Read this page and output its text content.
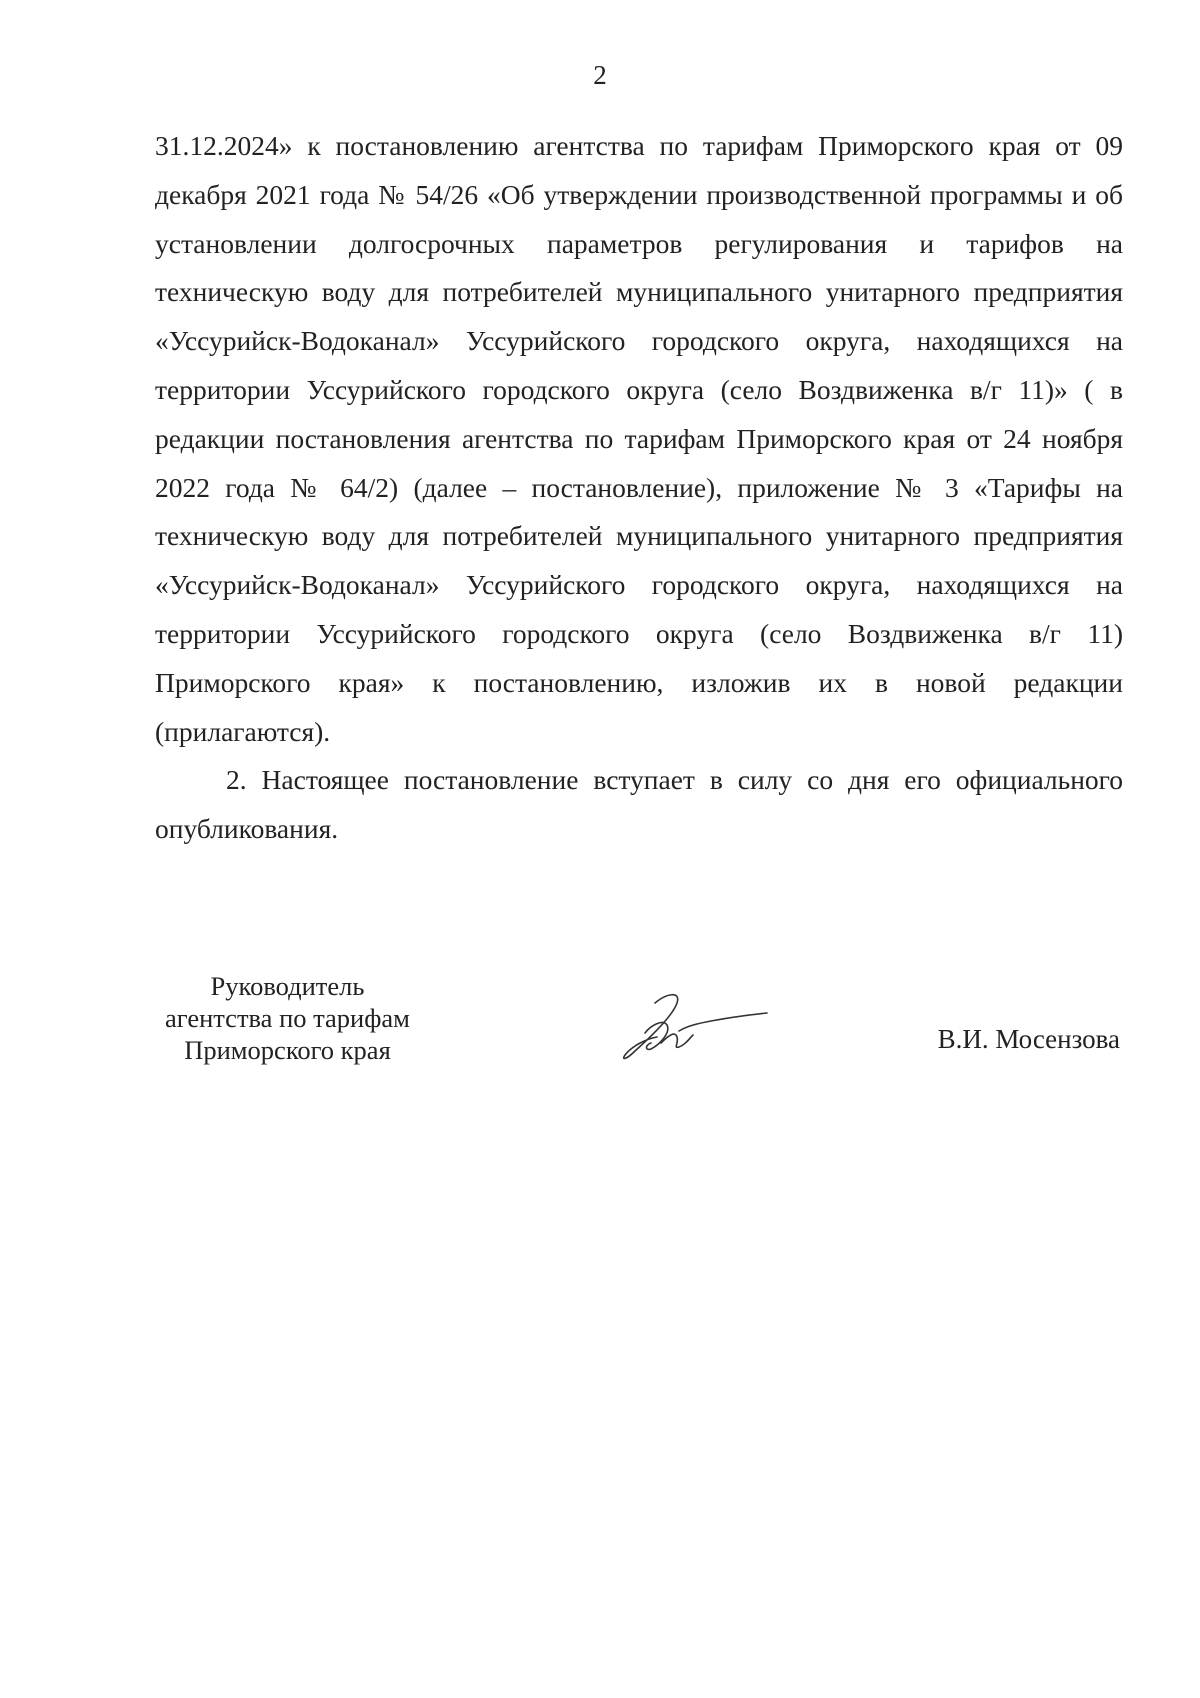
2

31.12.2024» к постановлению агентства по тарифам Приморского края от 09 декабря 2021 года № 54/26 «Об утверждении производственной программы и об установлении долгосрочных параметров регулирования и тарифов на техническую воду для потребителей муниципального унитарного предприятия «Уссурийск-Водоканал» Уссурийского городского округа, находящихся на территории Уссурийского городского округа (село Воздвиженка в/г 11)» ( в редакции постановления агентства по тарифам Приморского края от 24 ноября 2022 года № 64/2) (далее – постановление), приложение № 3 «Тарифы на техническую воду для потребителей муниципального унитарного предприятия «Уссурийск-Водоканал» Уссурийского городского округа, находящихся на территории Уссурийского городского округа (село Воздвиженка в/г 11) Приморского края» к постановлению, изложив их в новой редакции (прилагаются).

2. Настоящее постановление вступает в силу со дня его официального опубликования.

Руководитель
агентства по тарифам
Приморского края	В.И. Мосензова
